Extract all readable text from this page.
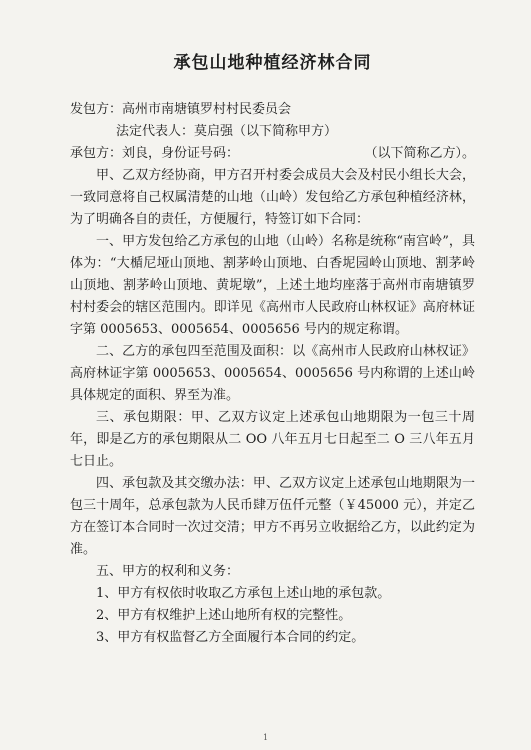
承包山地种植经济林合同

发包方：高州市南塘镇罗村村民委员会

法定代表人：莫启强（以下简称甲方）

承包方：刘良，身份证号码：	（以下简称乙方）。

甲、乙双方经协商，甲方召开村委会成员大会及村民小组长大会，一致同意将自己权属清楚的山地（山岭）发包给乙方承包种植经济林，为了明确各自的责任，方便履行，特签订如下合同：

一、甲方发包给乙方承包的山地（山岭）名称是统称“南宫岭”，具体为：“大楯尼垭山顶地、割茅岭山顶地、白香坭园岭山顶地、割茅岭山顶地、割茅岭山顶地、黄坭墩”，上述土地均座落于高州市南塘镇罗村村委会的辖区范围内。即详见《高州市人民政府山林权证》高府林证字第 0005653、0005654、0005656 号内的规定称谓。

二、乙方的承包四至范围及面积：以《高州市人民政府山林权证》高府林证字第 0005653、0005654、0005656 号内称谓的上述山岭具体规定的面积、界至为准。

三、承包期限：甲、乙双方议定上述承包山地期限为一包三十周年，即是乙方的承包期限从二 OO 八年五月七日起至二 O 三八年五月七日止。

四、承包款及其交缴办法：甲、乙双方议定上述承包山地期限为一包三十周年，总承包款为人民币肆万伍仟元整（￥45000 元），并定乙方在签订本合同时一次过交清；甲方不再另立收据给乙方，以此约定为准。

五、甲方的权利和义务：

1、甲方有权依时收取乙方承包上述山地的承包款。

2、甲方有权维护上述山地所有权的完整性。

3、甲方有权监督乙方全面履行本合同的约定。

1
